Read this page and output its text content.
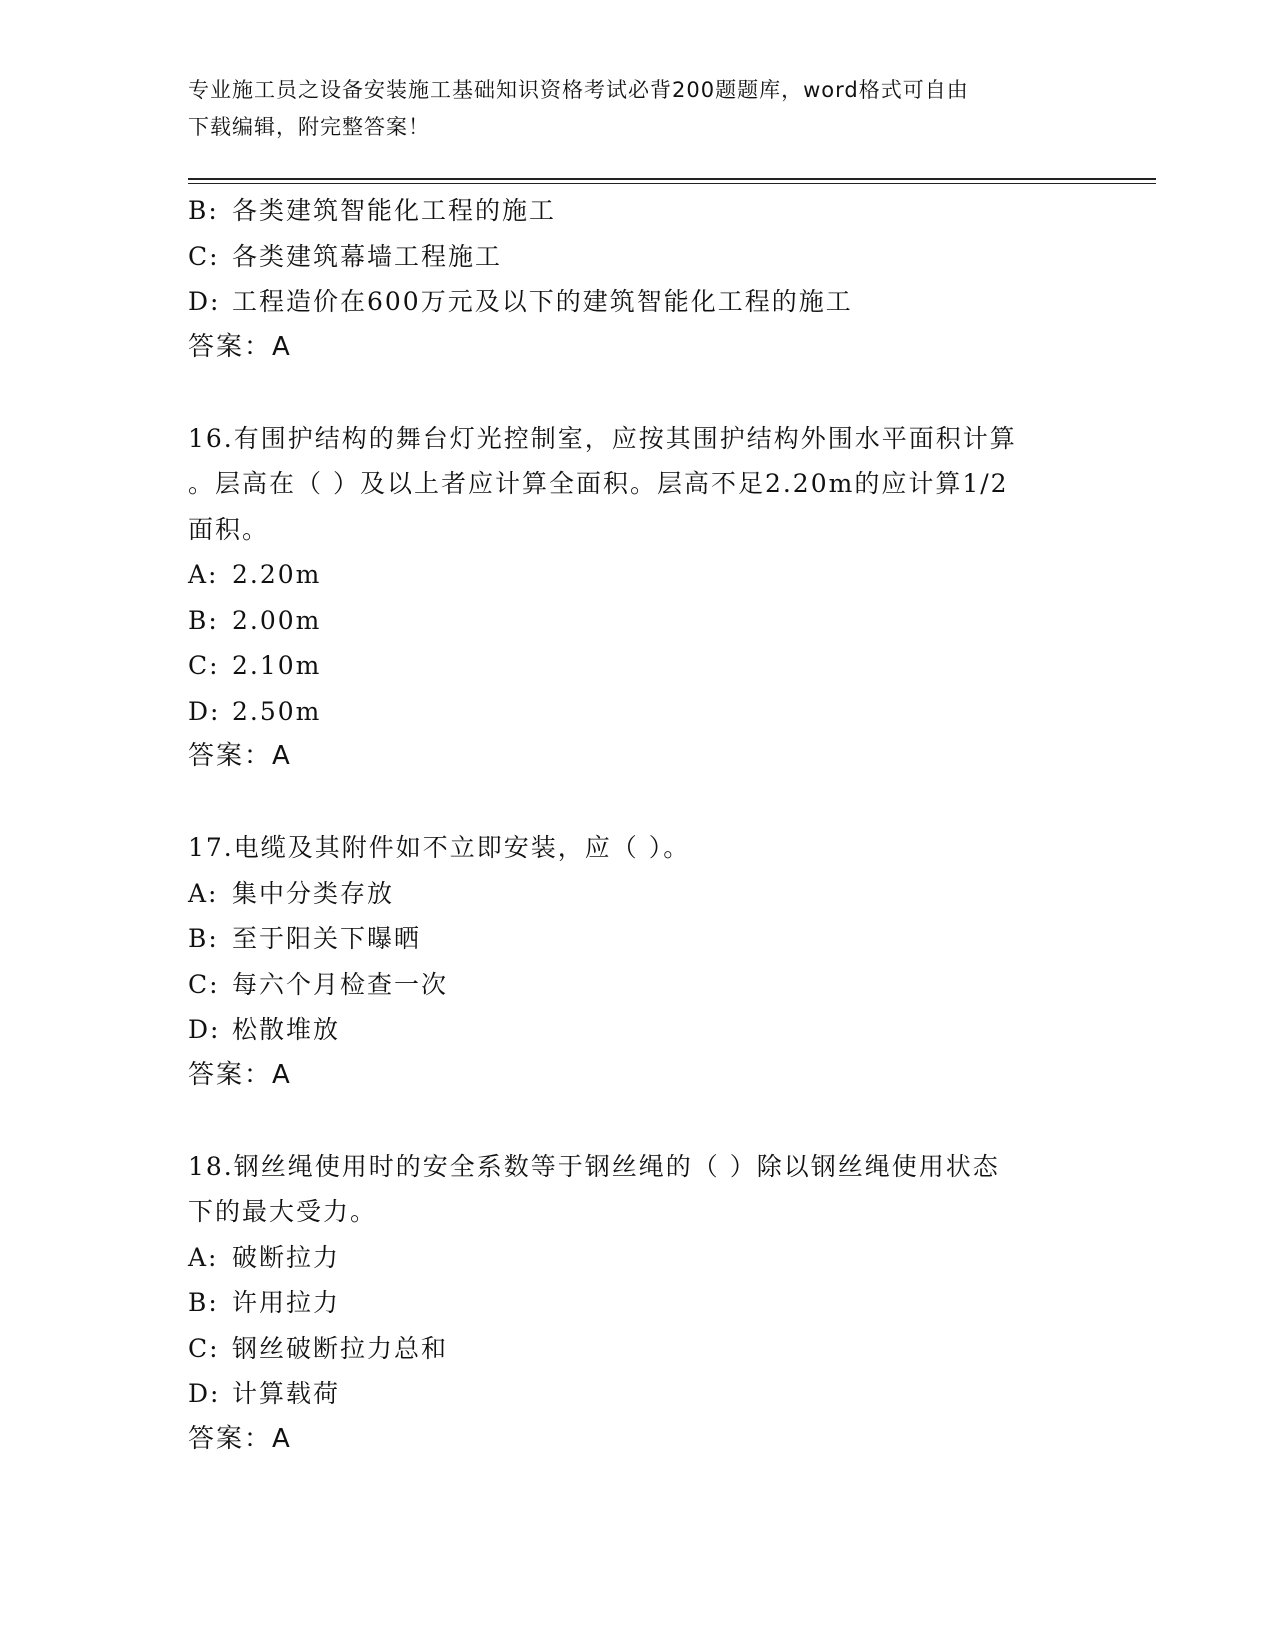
专业施工员之设备安装施工基础知识资格考试必背200题题库，word格式可自由
下载编辑，附完整答案！
B: 各类建筑智能化工程的施工
C: 各类建筑幕墙工程施工
D: 工程造价在600万元及以下的建筑智能化工程的施工
答案：A
16.有围护结构的舞台灯光控制室，应按其围护结构外围水平面积计算
。层高在（ ）及以上者应计算全面积。层高不足2.20m的应计算1/2
面积。
A: 2.20m
B: 2.00m
C: 2.10m
D: 2.50m
答案：A
17.电缆及其附件如不立即安装，应（ ）。
A: 集中分类存放
B: 至于阳关下曝晒
C: 每六个月检查一次
D: 松散堆放
答案：A
18.钢丝绳使用时的安全系数等于钢丝绳的（ ）除以钢丝绳使用状态
下的最大受力。
A: 破断拉力
B: 许用拉力
C: 钢丝破断拉力总和
D: 计算载荷
答案：A
